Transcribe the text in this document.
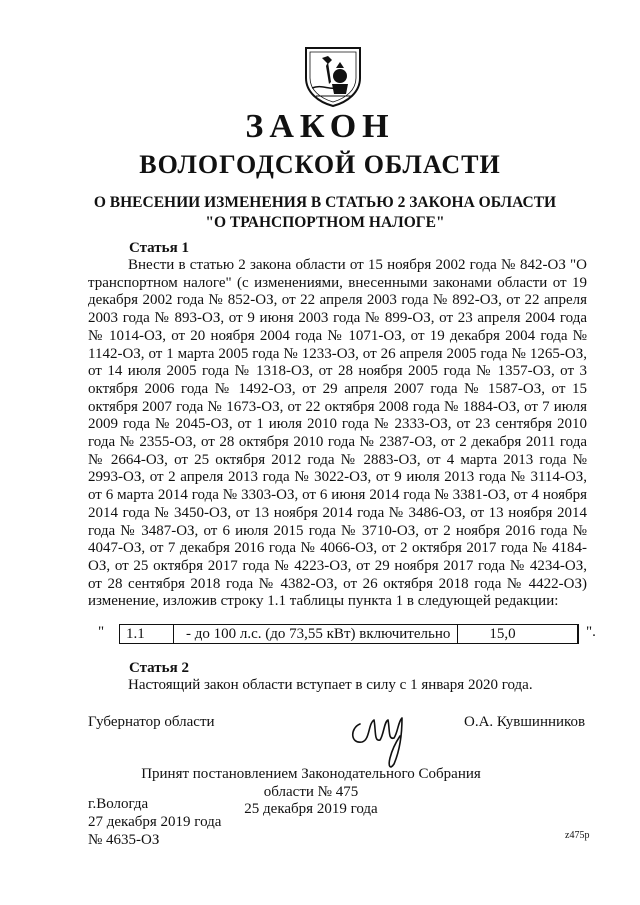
ЗАКОН
ВОЛОГОДСКОЙ ОБЛАСТИ
О ВНЕСЕНИИ ИЗМЕНЕНИЯ В СТАТЬЮ 2 ЗАКОНА ОБЛАСТИ
"О ТРАНСПОРТНОМ НАЛОГЕ"
Статья 1
Внести в статью 2 закона области от 15 ноября 2002 года № 842-ОЗ "О транспортном налоге" (с изменениями, внесенными законами области от 19 декабря 2002 года № 852-ОЗ, от 22 апреля 2003 года № 892-ОЗ, от 22 апреля 2003 года № 893-ОЗ, от 9 июня 2003 года № 899-ОЗ, от 23 апреля 2004 года № 1014-ОЗ, от 20 ноября 2004 года № 1071-ОЗ, от 19 декабря 2004 года № 1142-ОЗ, от 1 марта 2005 года № 1233-ОЗ, от 26 апреля 2005 года № 1265-ОЗ, от 14 июля 2005 года № 1318-ОЗ, от 28 ноября 2005 года № 1357-ОЗ, от 3 октября 2006 года № 1492-ОЗ, от 29 апреля 2007 года № 1587-ОЗ, от 15 октября 2007 года № 1673-ОЗ, от 22 октября 2008 года № 1884-ОЗ, от 7 июля 2009 года № 2045-ОЗ, от 1 июля 2010 года № 2333-ОЗ, от 23 сентября 2010 года № 2355-ОЗ, от 28 октября 2010 года № 2387-ОЗ, от 2 декабря 2011 года № 2664-ОЗ, от 25 октября 2012 года № 2883-ОЗ, от 4 марта 2013 года № 2993-ОЗ, от 2 апреля 2013 года № 3022-ОЗ, от 9 июля 2013 года № 3114-ОЗ, от 6 марта 2014 года № 3303-ОЗ, от 6 июня 2014 года № 3381-ОЗ, от 4 ноября 2014 года № 3450-ОЗ, от 13 ноября 2014 года № 3486-ОЗ, от 13 ноября 2014 года № 3487-ОЗ, от 6 июля 2015 года № 3710-ОЗ, от 2 ноября 2016 года № 4047-ОЗ, от 7 декабря 2016 года № 4066-ОЗ, от 2 октября 2017 года № 4184-ОЗ, от 25 октября 2017 года № 4223-ОЗ, от 29 ноября 2017 года № 4234-ОЗ, от 28 сентября 2018 года № 4382-ОЗ, от 26 октября 2018 года № 4422-ОЗ) изменение, изложив строку 1.1 таблицы пункта 1 в следующей редакции:
"	1.1	- до 100 л.с. (до 73,55 кВт) включительно	15,0	".
Статья 2
Настоящий закон области вступает в силу с 1 января 2020 года.
Губернатор области	О.А. Кувшинников
Принят постановлением Законодательного Собрания области № 475
25 декабря 2019 года
г.Вологда
27 декабря 2019 года
№ 4635-ОЗ	z475p
